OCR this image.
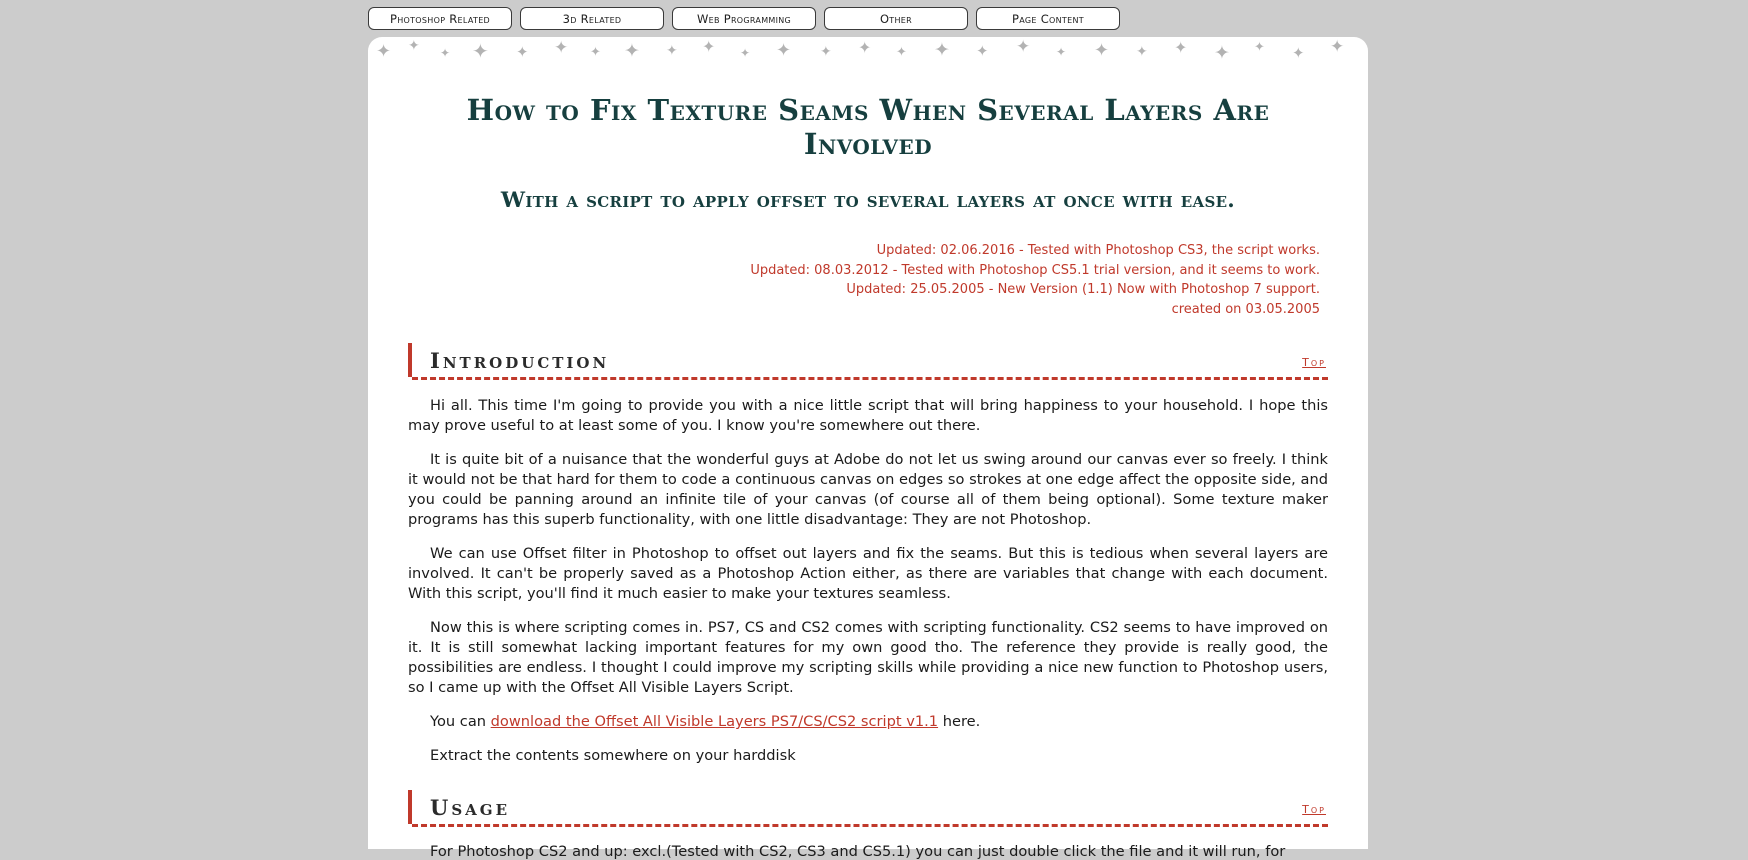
Photoshop Related	3d Related	Web Programming	Other	Page Content
✦ ✦ ✦ ✦ ✦ ✦ ✦ ✦ ✦ ✦ ✦ ✦ ✦ ✦ ✦ ✦ ✦ ✦ ✦ ✦ ✦ ✦ ✦ ✦ ✦ ✦
How to Fix Texture Seams When Several Layers Are Involved
With a script to apply offset to several layers at once with ease.
Updated: 02.06.2016 - Tested with Photoshop CS3, the script works.
Updated: 08.03.2012 - Tested with Photoshop CS5.1 trial version, and it seems to work.
Updated: 25.05.2005 - New Version (1.1) Now with Photoshop 7 support.
created on 03.05.2005
Introduction	Top

Hi all. This time I'm going to provide you with a nice little script that will bring happiness to your household. I hope this may prove useful to at least some of you. I know you're somewhere out there.

It is quite bit of a nuisance that the wonderful guys at Adobe do not let us swing around our canvas ever so freely. I think it would not be that hard for them to code a continuous canvas on edges so strokes at one edge affect the opposite side, and you could be panning around an infinite tile of your canvas (of course all of them being optional). Some texture maker programs has this superb functionality, with one little disadvantage: They are not Photoshop.

We can use Offset filter in Photoshop to offset out layers and fix the seams. But this is tedious when several layers are involved. It can't be properly saved as a Photoshop Action either, as there are variables that change with each document. With this script, you'll find it much easier to make your textures seamless.

Now this is where scripting comes in. PS7, CS and CS2 comes with scripting functionality. CS2 seems to have improved on it. It is still somewhat lacking important features for my own good tho. The reference they provide is really good, the possibilities are endless. I thought I could improve my scripting skills while providing a nice new function to Photoshop users, so I came up with the Offset All Visible Layers Script.

You can download the Offset All Visible Layers PS7/CS/CS2 script v1.1 here.

Extract the contents somewhere on your harddisk

Usage	Top
For Photoshop CS2 and up: excl.(Tested with CS2, CS3 and CS5.1) you can just double click the file and it will run, for
